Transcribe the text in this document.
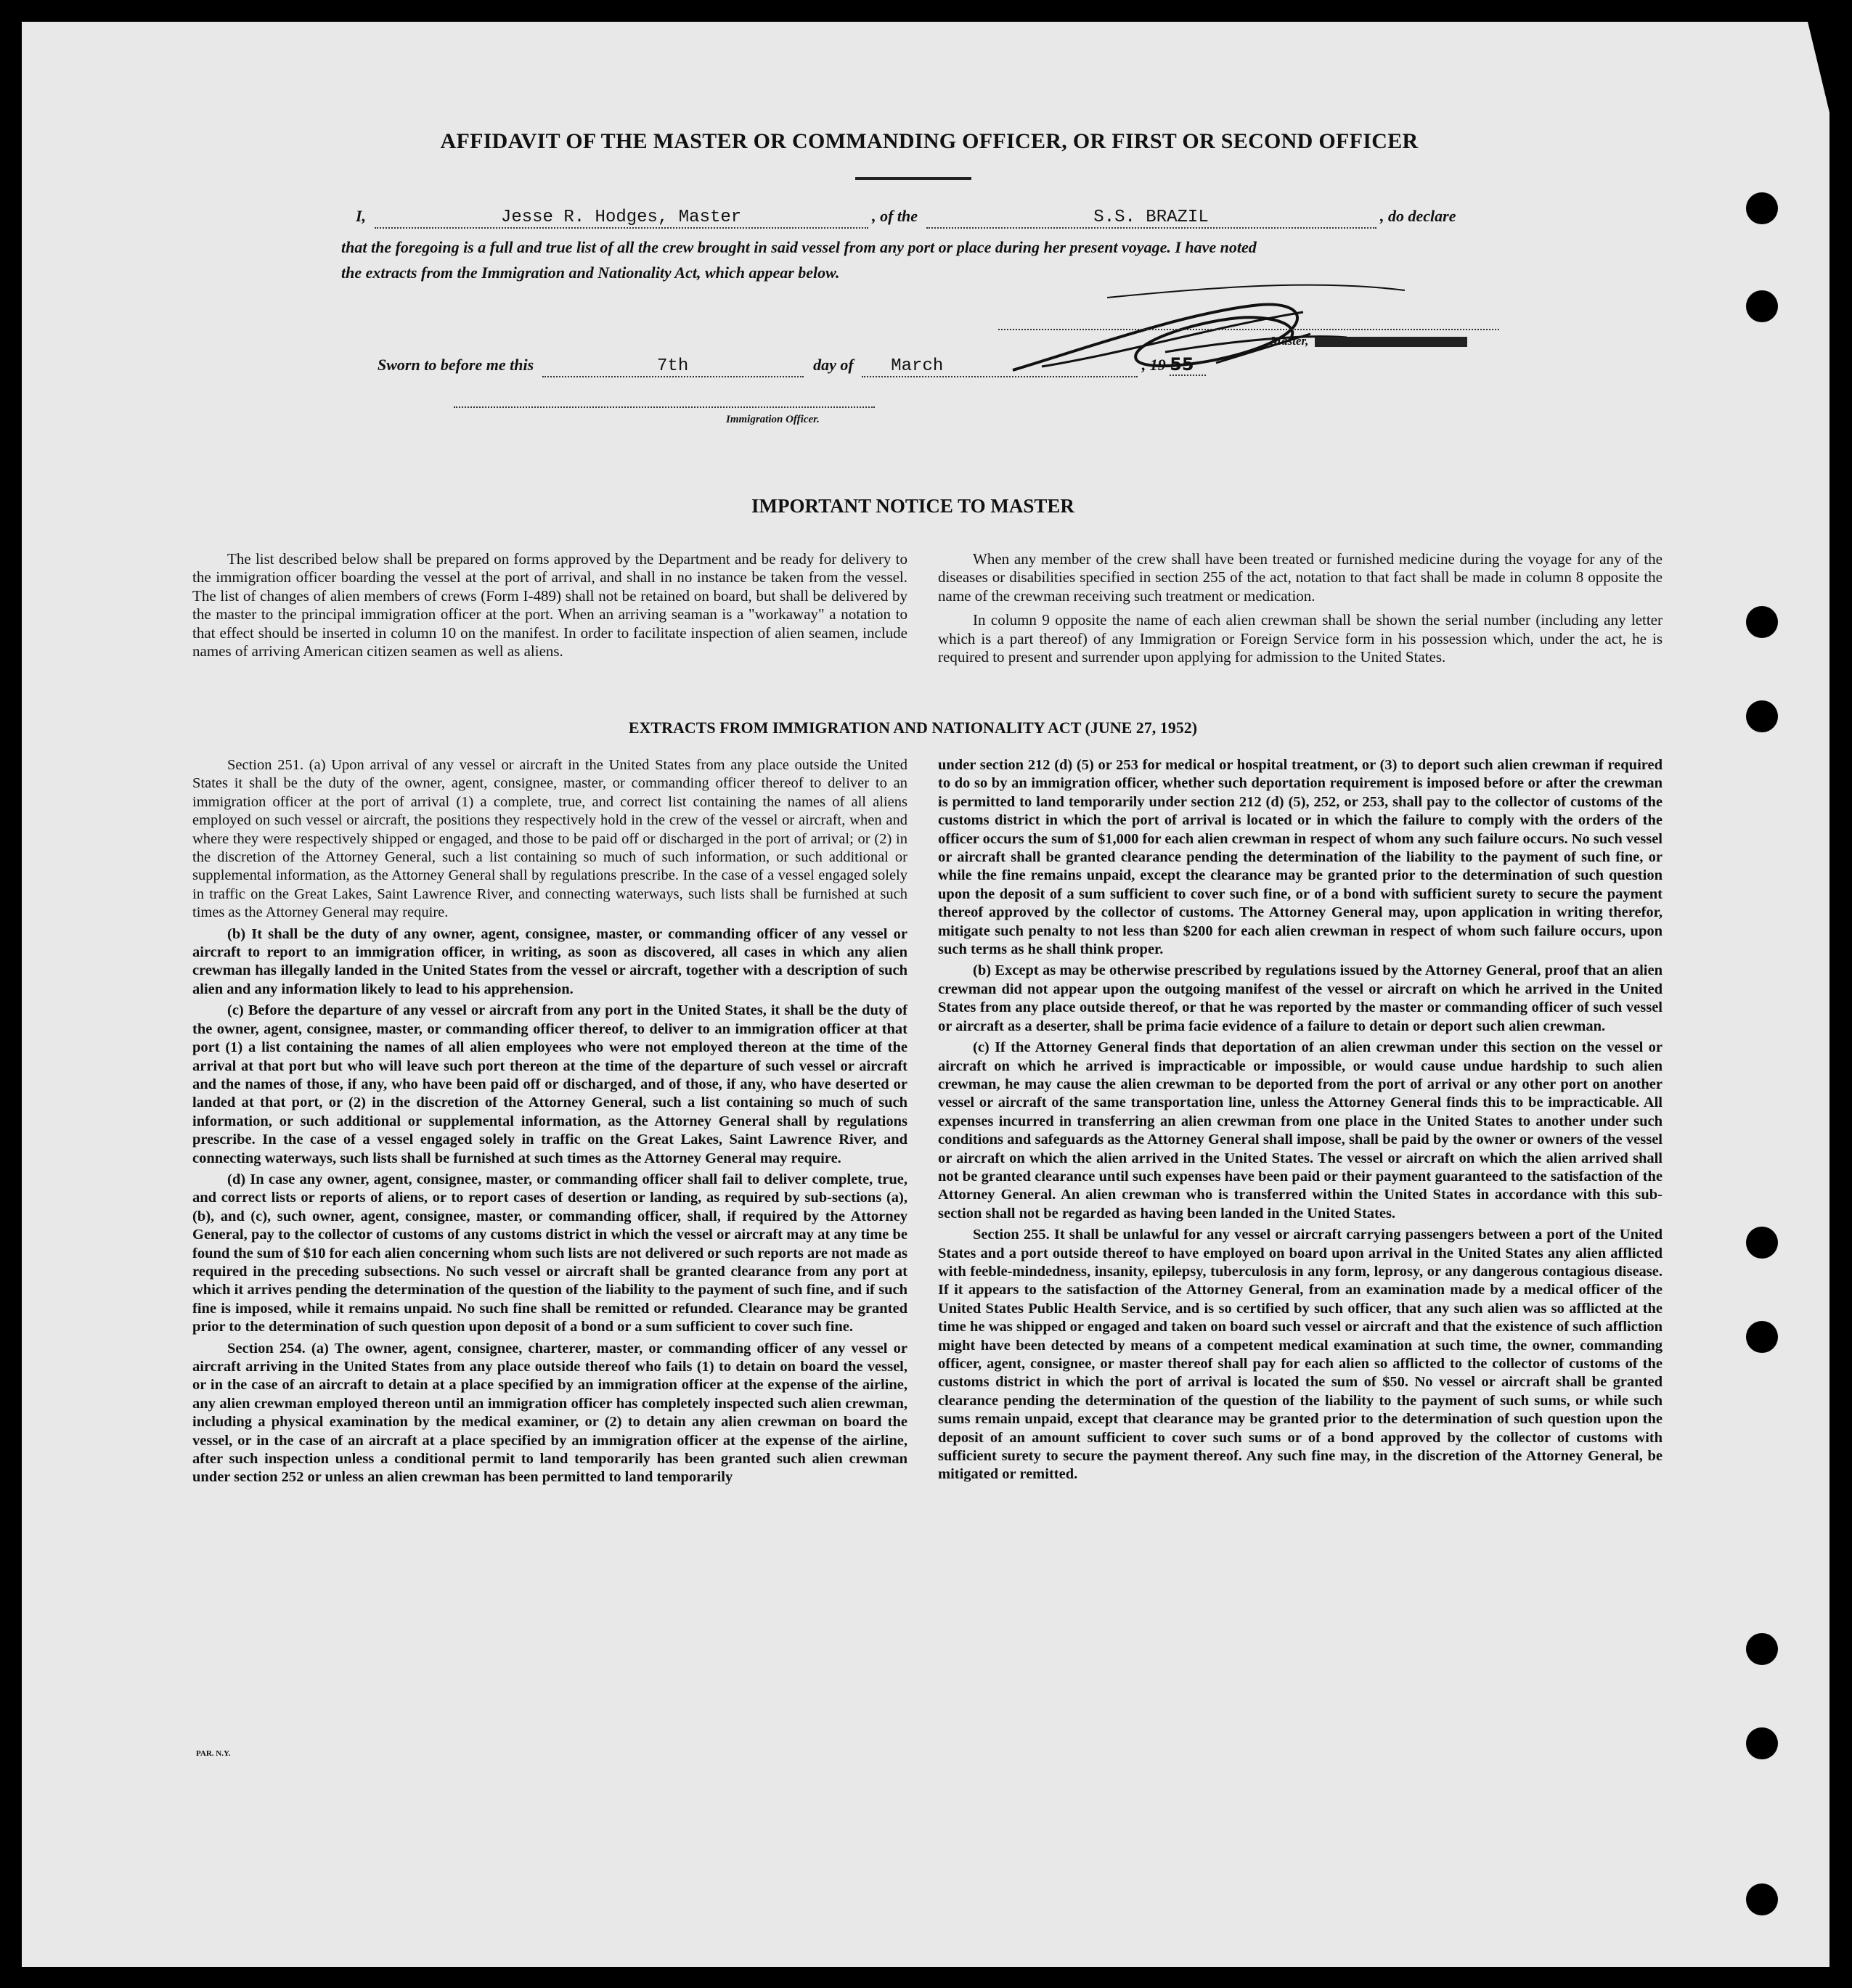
AFFIDAVIT OF THE MASTER OR COMMANDING OFFICER, OR FIRST OR SECOND OFFICER
I,	Jesse R. Hodges, Master	, of the	S.S. BRAZIL	, do declare
that the foregoing is a full and true list of all the crew brought in said vessel from any port or place during her present voyage. I have noted
the extracts from the Immigration and Nationality Act, which appear below.
Master,
Sworn to before me this	7th	day of March	, 19 55
Immigration Officer.
IMPORTANT NOTICE TO MASTER

The list described below shall be prepared on forms approved by the Department and be ready for delivery to the immigration officer boarding the vessel at the port of arrival, and shall in no instance be taken from the vessel. The list of changes of alien members of crews (Form I-489) shall not be retained on board, but shall be delivered by the master to the principal immigration officer at the port. When an arriving seaman is a "workaway" a notation to that effect should be inserted in column 10 on the manifest. In order to facilitate inspection of alien seamen, include names of arriving American citizen seamen as well as aliens.

When any member of the crew shall have been treated or furnished medicine during the voyage for any of the diseases or disabilities specified in section 255 of the act, notation to that fact shall be made in column 8 opposite the name of the crewman receiving such treatment or medication.

In column 9 opposite the name of each alien crewman shall be shown the serial number (including any letter which is a part thereof) of any Immigration or Foreign Service form in his possession which, under the act, he is required to present and surrender upon applying for admission to the United States.

EXTRACTS FROM IMMIGRATION AND NATIONALITY ACT (JUNE 27, 1952)

Section 251. (a) Upon arrival of any vessel or aircraft in the United States from any place outside the United States it shall be the duty of the owner, agent, consignee, master, or commanding officer thereof to deliver to an immigration officer at the port of arrival (1) a complete, true, and correct list containing the names of all aliens employed on such vessel or aircraft, the positions they respectively hold in the crew of the vessel or aircraft, when and where they were respectively shipped or engaged, and those to be paid off or discharged in the port of arrival; or (2) in the discretion of the Attorney General, such a list containing so much of such information, or such additional or supplemental information, as the Attorney General shall by regulations prescribe. In the case of a vessel engaged solely in traffic on the Great Lakes, Saint Lawrence River, and connecting waterways, such lists shall be furnished at such times as the Attorney General may require.

(b) It shall be the duty of any owner, agent, consignee, master, or commanding officer of any vessel or aircraft to report to an immigration officer, in writing, as soon as discovered, all cases in which any alien crewman has illegally landed in the United States from the vessel or aircraft, together with a description of such alien and any information likely to lead to his apprehension.

(c) Before the departure of any vessel or aircraft from any port in the United States, it shall be the duty of the owner, agent, consignee, master, or commanding officer thereof, to deliver to an immigration officer at that port (1) a list containing the names of all alien employees who were not employed thereon at the time of the arrival at that port but who will leave such port thereon at the time of the departure of such vessel or aircraft and the names of those, if any, who have been paid off or discharged, and of those, if any, who have deserted or landed at that port, or (2) in the discretion of the Attorney General, such a list containing so much of such information, or such additional or supplemental information, as the Attorney General shall by regulations prescribe. In the case of a vessel engaged solely in traffic on the Great Lakes, Saint Lawrence River, and connecting waterways, such lists shall be furnished at such times as the Attorney General may require.

(d) In case any owner, agent, consignee, master, or commanding officer shall fail to deliver complete, true, and correct lists or reports of aliens, or to report cases of desertion or landing, as required by sub-sections (a), (b), and (c), such owner, agent, consignee, master, or commanding officer, shall, if required by the Attorney General, pay to the collector of customs of any customs district in which the vessel or aircraft may at any time be found the sum of $10 for each alien concerning whom such lists are not delivered or such reports are not made as required in the preceding subsections. No such vessel or aircraft shall be granted clearance from any port at which it arrives pending the determination of the question of the liability to the payment of such fine, and if such fine is imposed, while it remains unpaid. No such fine shall be remitted or refunded. Clearance may be granted prior to the determination of such question upon deposit of a bond or a sum sufficient to cover such fine.

Section 254. (a) The owner, agent, consignee, charterer, master, or commanding officer of any vessel or aircraft arriving in the United States from any place outside thereof who fails (1) to detain on board the vessel, or in the case of an aircraft to detain at a place specified by an immigration officer at the expense of the airline, any alien crewman employed thereon until an immigration officer has completely inspected such alien crewman, including a physical examination by the medical examiner, or (2) to detain any alien crewman on board the vessel, or in the case of an aircraft at a place specified by an immigration officer at the expense of the airline, after such inspection unless a conditional permit to land temporarily has been granted such alien crewman under section 252 or unless an alien crewman has been permitted to land temporarily

under section 212 (d) (5) or 253 for medical or hospital treatment, or (3) to deport such alien crewman if required to do so by an immigration officer, whether such deportation requirement is imposed before or after the crewman is permitted to land temporarily under section 212 (d) (5), 252, or 253, shall pay to the collector of customs of the customs district in which the port of arrival is located or in which the failure to comply with the orders of the officer occurs the sum of $1,000 for each alien crewman in respect of whom any such failure occurs. No such vessel or aircraft shall be granted clearance pending the determination of the liability to the payment of such fine, or while the fine remains unpaid, except the clearance may be granted prior to the determination of such question upon the deposit of a sum sufficient to cover such fine, or of a bond with sufficient surety to secure the payment thereof approved by the collector of customs. The Attorney General may, upon application in writing therefor, mitigate such penalty to not less than $200 for each alien crewman in respect of whom such failure occurs, upon such terms as he shall think proper.

(b) Except as may be otherwise prescribed by regulations issued by the Attorney General, proof that an alien crewman did not appear upon the outgoing manifest of the vessel or aircraft on which he arrived in the United States from any place outside thereof, or that he was reported by the master or commanding officer of such vessel or aircraft as a deserter, shall be prima facie evidence of a failure to detain or deport such alien crewman.

(c) If the Attorney General finds that deportation of an alien crewman under this section on the vessel or aircraft on which he arrived is impracticable or impossible, or would cause undue hardship to such alien crewman, he may cause the alien crewman to be deported from the port of arrival or any other port on another vessel or aircraft of the same transportation line, unless the Attorney General finds this to be impracticable. All expenses incurred in transferring an alien crewman from one place in the United States to another under such conditions and safeguards as the Attorney General shall impose, shall be paid by the owner or owners of the vessel or aircraft on which the alien arrived in the United States. The vessel or aircraft on which the alien arrived shall not be granted clearance until such expenses have been paid or their payment guaranteed to the satisfaction of the Attorney General. An alien crewman who is transferred within the United States in accordance with this sub-section shall not be regarded as having been landed in the United States.

Section 255. It shall be unlawful for any vessel or aircraft carrying passengers between a port of the United States and a port outside thereof to have employed on board upon arrival in the United States any alien afflicted with feeble-mindedness, insanity, epilepsy, tuberculosis in any form, leprosy, or any dangerous contagious disease. If it appears to the satisfaction of the Attorney General, from an examination made by a medical officer of the United States Public Health Service, and is so certified by such officer, that any such alien was so afflicted at the time he was shipped or engaged and taken on board such vessel or aircraft and that the existence of such affliction might have been detected by means of a competent medical examination at such time, the owner, commanding officer, agent, consignee, or master thereof shall pay for each alien so afflicted to the collector of customs of the customs district in which the port of arrival is located the sum of $50. No vessel or aircraft shall be granted clearance pending the determination of the question of the liability to the payment of such sums, or while such sums remain unpaid, except that clearance may be granted prior to the determination of such question upon the deposit of an amount sufficient to cover such sums or of a bond approved by the collector of customs with sufficient surety to secure the payment thereof. Any such fine may, in the discretion of the Attorney General, be mitigated or remitted.

PAR. N.Y.
